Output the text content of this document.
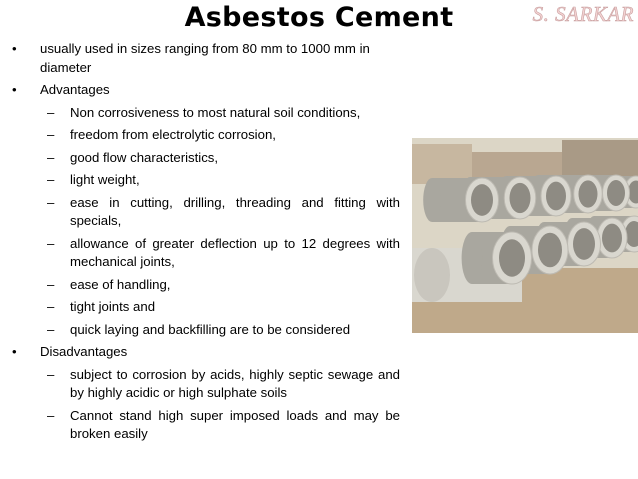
Asbestos Cement	S. SARKAR
• usually used in sizes ranging from 80 mm to 1000 mm in diameter
• Advantages
– Non corrosiveness to most natural soil conditions,
– freedom from electrolytic corrosion,
– good flow characteristics,
– light weight,
– ease in cutting, drilling, threading and fitting with specials,
– allowance of greater deflection up to 12 degrees with mechanical joints,
– ease of handling,
– tight joints and
– quick laying and backfilling are to be considered
• Disadvantages
– subject to corrosion by acids, highly septic sewage and by highly acidic or high sulphate soils
– Cannot stand high super imposed loads and may be broken easily
